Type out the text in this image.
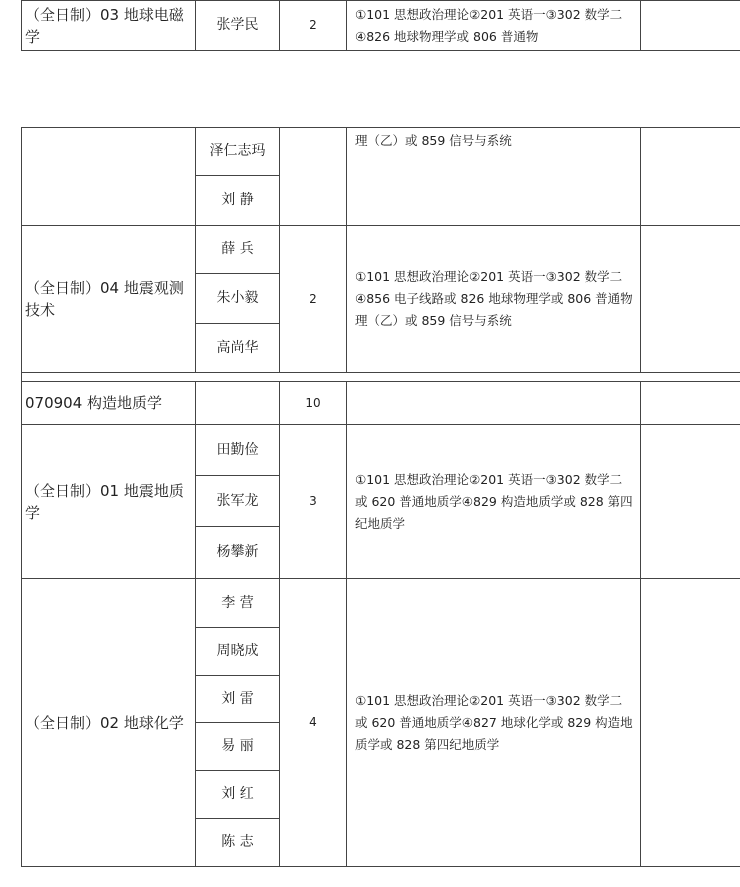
（全日制）03 地球电磁学	张学民	2	①101 思想政治理论②201 英语一③302 数学二④826 地球物理学或 806 普通物	
	泽仁志玛		理（乙）或 859 信号与系统	
	刘 静			
（全日制）04 地震观测技术	薛 兵	2	①101 思想政治理论②201 英语一③302 数学二④856 电子线路或 826 地球物理学或 806 普通物理（乙）或 859 信号与系统	
	朱小毅			
	高尚华			

070904 构造地质学		10		
（全日制）01 地震地质学	田勤俭	3	①101 思想政治理论②201 英语一③302 数学二或 620 普通地质学④829 构造地质学或 828 第四纪地质学	
	张军龙			
	杨攀新			
（全日制）02 地球化学	李 营	4	①101 思想政治理论②201 英语一③302 数学二或 620 普通地质学④827 地球化学或 829 构造地质学或 828 第四纪地质学	
	周晓成			
	刘 雷			
	易 丽			
	刘 红			
	陈 志			
